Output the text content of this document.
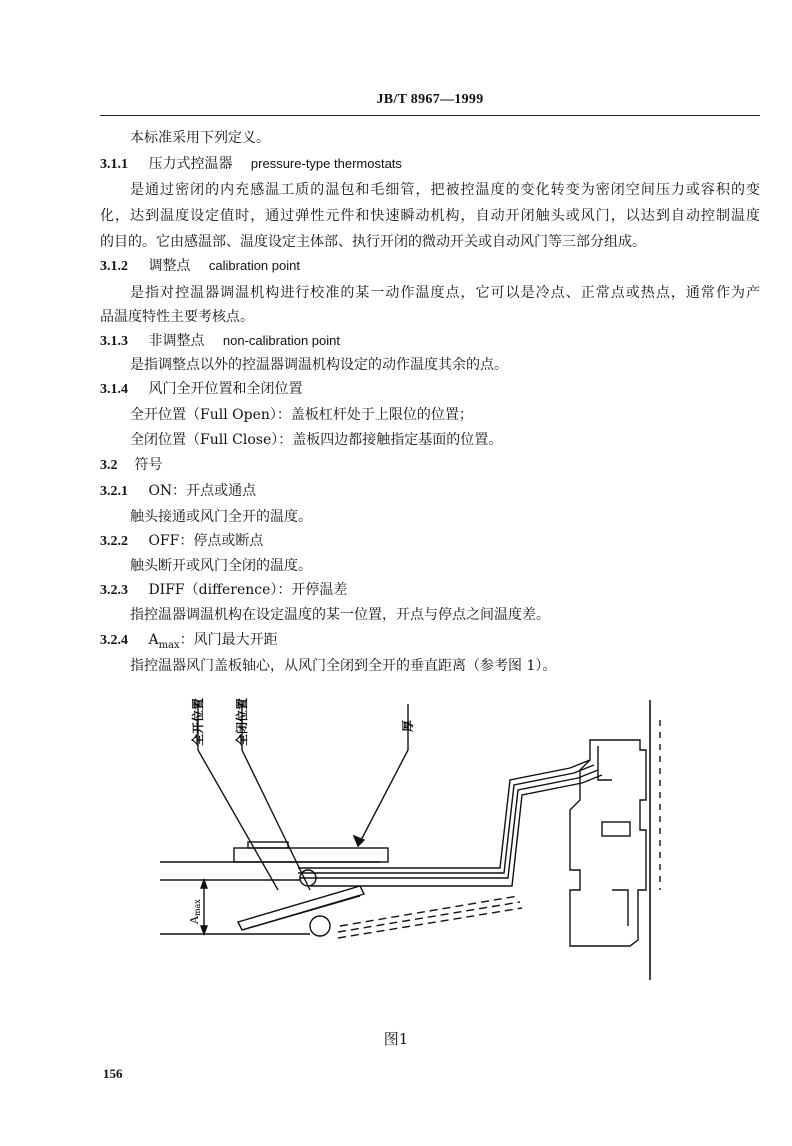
JB/T 8967—1999
本标准采用下列定义。
3.1.1 压力式控温器 pressure-type thermostats
是通过密闭的内充感温工质的温包和毛细管，把被控温度的变化转变为密闭空间压力或容积的变
化，达到温度设定值时，通过弹性元件和快速瞬动机构，自动开闭触头或风门，以达到自动控制温度
的目的。它由感温部、温度设定主体部、执行开闭的微动开关或自动风门等三部分组成。
3.1.2 调整点 calibration point
是指对控温器调温机构进行校准的某一动作温度点，它可以是冷点、正常点或热点，通常作为产
品温度特性主要考核点。
3.1.3 非调整点 non-calibration point
是指调整点以外的控温器调温机构设定的动作温度其余的点。
3.1.4 风门全开位置和全闭位置
全开位置（Full Open）：盖板杠杆处于上限位的位置；
全闭位置（Full Close）：盖板四边都接触指定基面的位置。
3.2 符号
3.2.1 ON：开点或通点
触头接通或风门全开的温度。
3.2.2 OFF：停点或断点
触头断开或风门全闭的温度。
3.2.3 DIFF（difference）：开停温差
指控温器调温机构在设定温度的某一位置，开点与停点之间温度差。
3.2.4 $A_{max}$：风门最大开距
指控温器风门盖板轴心，从风门全闭到全开的垂直距离（参考图 1）。
全开位置	全闭位置	厚
Amax
图1
156
